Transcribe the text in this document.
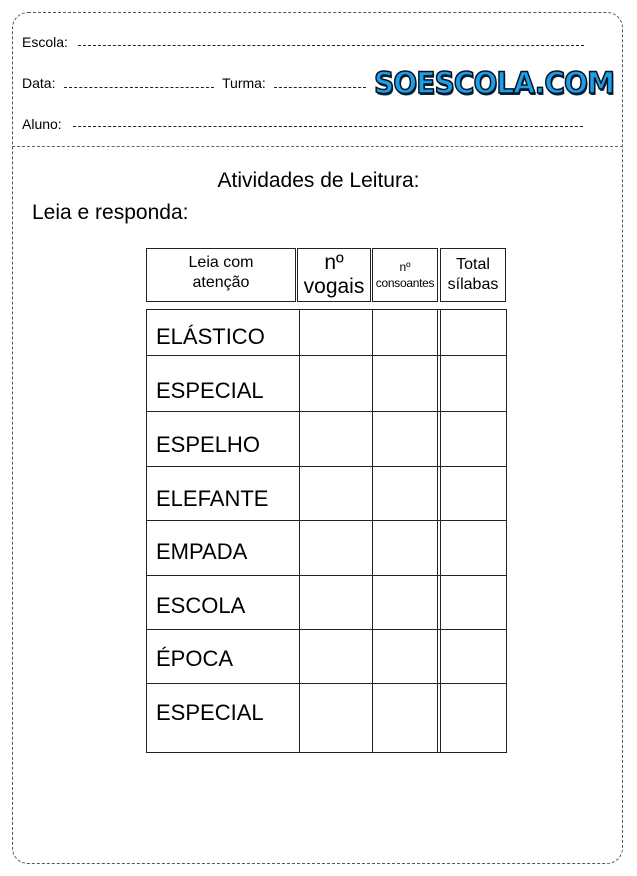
Escola:
Data:	Turma:	SOESCOLA.COM
Aluno:
Atividades de Leitura:
Leia e responda:
Leia com
atenção
nº
vogais
nº
consoantes
Total
sílabas
ELÁSTICO
ESPECIAL
ESPELHO
ELEFANTE
EMPADA
ESCOLA
ÉPOCA
ESPECIAL
